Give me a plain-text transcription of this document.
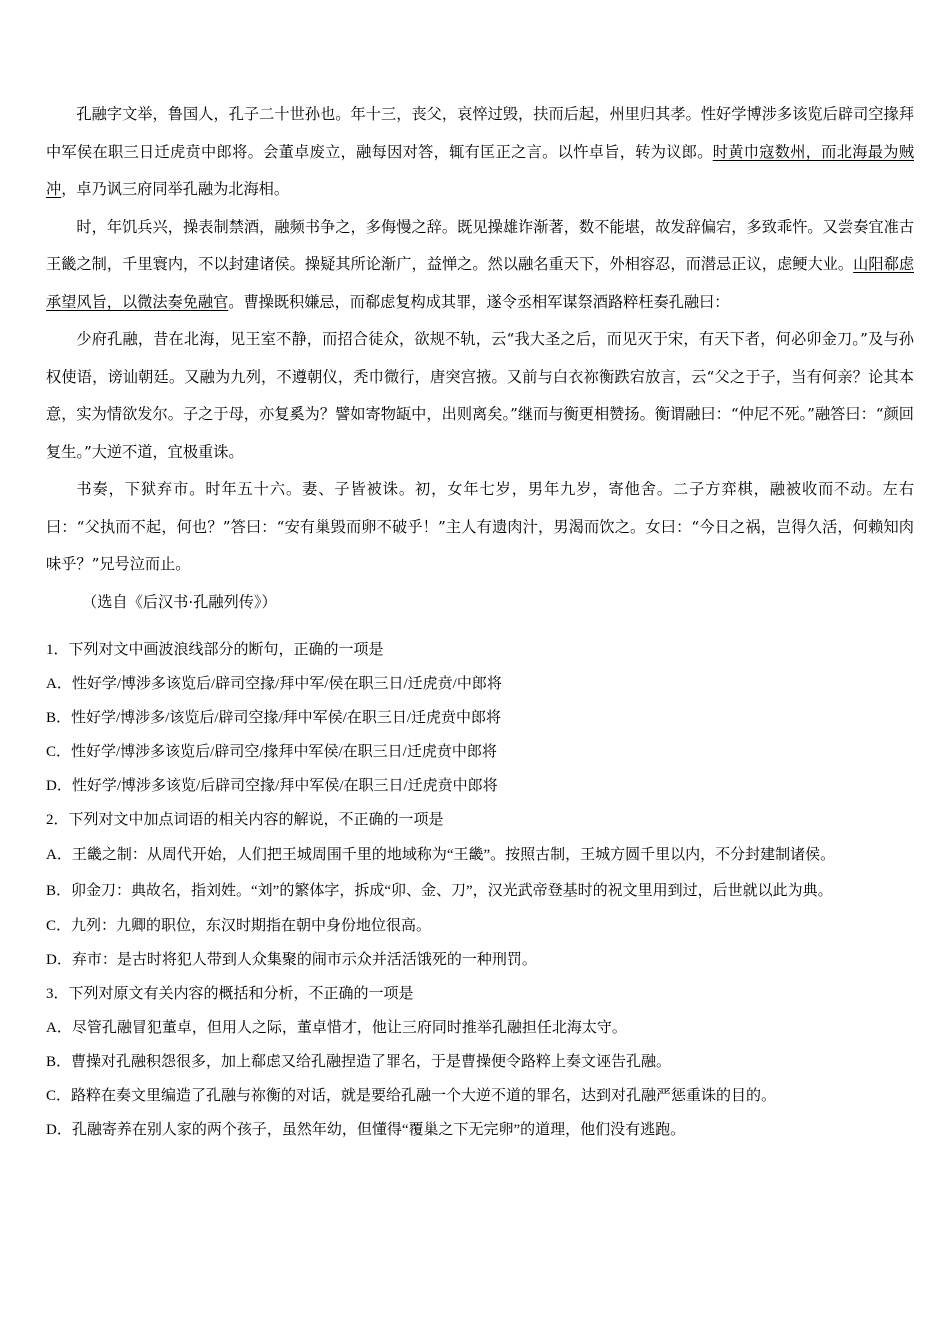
孔融字文举，鲁国人，孔子二十世孙也。年十三，丧父，哀悴过毁，扶而后起，州里归其孝。性好学博涉多该览后辟司空掾拜中军侯在职三日迁虎贲中郎将。会董卓废立，融每因对答，辄有匡正之言。以忤卓旨，转为议郎。时黄巾寇数州，而北海最为贼冲，卓乃讽三府同举孔融为北海相。

时，年饥兵兴，操表制禁酒，融频书争之，多侮慢之辞。既见操雄诈渐著，数不能堪，故发辞偏宕，多致乖忤。又尝奏宜准古王畿之制，千里寰内，不以封建诸侯。操疑其所论渐广，益惮之。然以融名重天下，外相容忍，而潜忌正议，虑鲠大业。山阳郗虑承望风旨，以微法奏免融官。曹操既积嫌忌，而郗虑复构成其罪，遂令丞相军谋祭酒路粹枉奏孔融曰：

少府孔融，昔在北海，见王室不静，而招合徒众，欲规不轨，云“我大圣之后，而见灭于宋，有天下者，何必卯金刀。”及与孙权使语，谤讪朝廷。又融为九列，不遵朝仪，秃巾微行，唐突宫掖。又前与白衣祢衡跌宕放言，云“父之于子，当有何亲？论其本意，实为情欲发尔。子之于母，亦复奚为？譬如寄物缻中，出则离矣。”继而与衡更相赞扬。衡谓融曰：“仲尼不死。”融答曰：“颜回复生。”大逆不道，宜极重诛。

书奏，下狱弃市。时年五十六。妻、子皆被诛。初，女年七岁，男年九岁，寄他舍。二子方弈棋，融被收而不动。左右曰：“父执而不起，何也？”答曰：“安有巢毁而卵不破乎！”主人有遗肉汁，男渴而饮之。女曰：“今日之祸，岂得久活，何赖知肉味乎？”兄号泣而止。

（选自《后汉书·孔融列传》）

1．下列对文中画波浪线部分的断句，正确的一项是

A．性好学/博涉多该览后/辟司空掾/拜中军/侯在职三日/迁虎贲/中郎将

B．性好学/博涉多/该览后/辟司空掾/拜中军侯/在职三日/迁虎贲中郎将

C．性好学/博涉多该览后/辟司空/掾拜中军侯/在职三日/迁虎贲中郎将

D．性好学/博涉多该览/后辟司空掾/拜中军侯/在职三日/迁虎贲中郎将

2．下列对文中加点词语的相关内容的解说，不正确的一项是

A．王畿之制：从周代开始，人们把王城周围千里的地域称为“王畿”。按照古制，王城方圆千里以内，不分封建制诸侯。

B．卯金刀：典故名，指刘姓。“刘”的繁体字，拆成“卯、金、刀”，汉光武帝登基时的祝文里用到过，后世就以此为典。

C．九列：九卿的职位，东汉时期指在朝中身份地位很高。

D．弃市：是古时将犯人带到人众集聚的闹市示众并活活饿死的一种刑罚。

3．下列对原文有关内容的概括和分析，不正确的一项是

A．尽管孔融冒犯董卓，但用人之际，董卓惜才，他让三府同时推举孔融担任北海太守。

B．曹操对孔融积怨很多，加上郗虑又给孔融捏造了罪名，于是曹操便令路粹上奏文诬告孔融。

C．路粹在奏文里编造了孔融与祢衡的对话，就是要给孔融一个大逆不道的罪名，达到对孔融严惩重诛的目的。

D．孔融寄养在别人家的两个孩子，虽然年幼，但懂得“覆巢之下无完卵”的道理，他们没有逃跑。
